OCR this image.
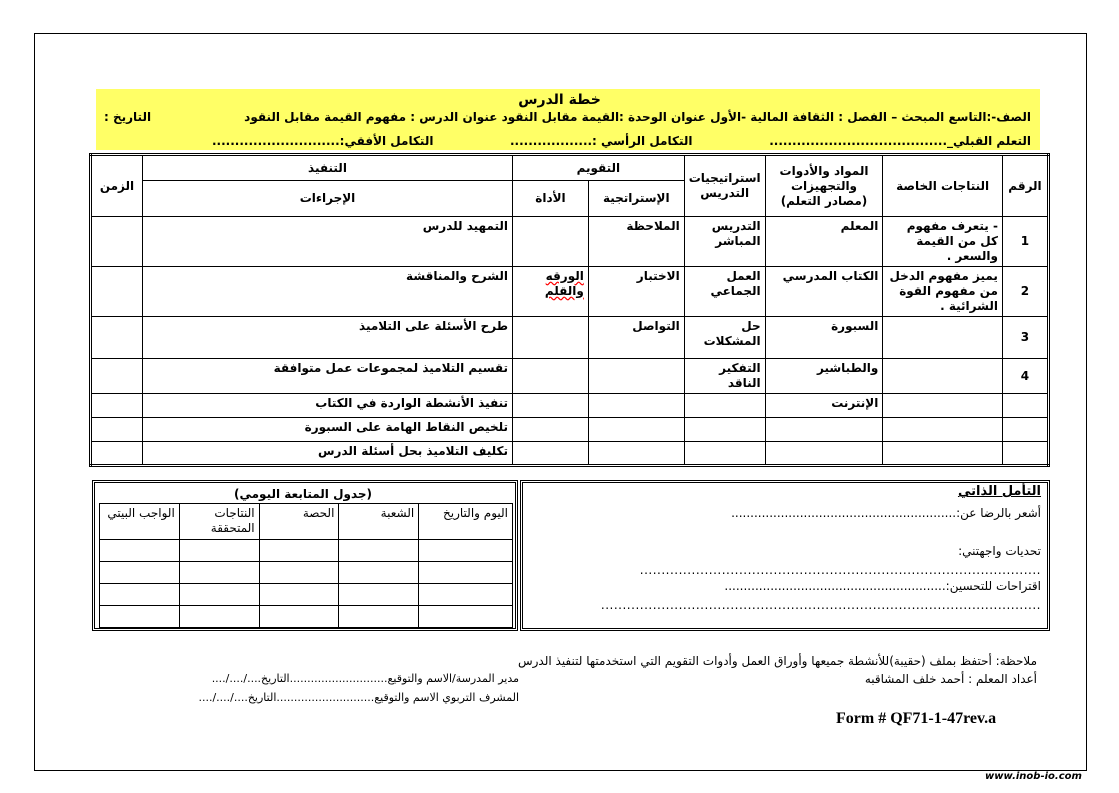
خطة الدرس
الصف-:التاسع المبحث – الفصل : الثقافة المالية -الأول عنوان الوحدة :القيمة مقابل النقود عنوان الدرس : مفهوم القيمة مقابل النقود
التاريخ :
التعلم القبلي_.......................................
التكامل الرأسي :..................
التكامل الأفقي:............................
الزمن	التنفيذ	التقويم		استراتيجيات التدريس	المواد والأدوات والتجهيزات (مصادر التعلم)	النتاجات الخاصة	الرقم
	الإجراءات	الأداة	الإستراتجية				
	التمهيد للدرس		الملاحظة	التدريس المباشر	المعلم	- يتعرف مفهوم كل من القيمة والسعر .	1
	الشرح والمناقشة	الورقه والقلم	الاختبار	العمل الجماعي	الكتاب المدرسي	يميز مفهوم الدخل من مفهوم القوة الشرائية .	2
	طرح الأسئلة على التلاميذ		التواصل	حل المشكلات	السبورة		3
	تقسيم التلاميذ لمجموعات عمل متوافقة			التفكير الناقد	والطباشير		4
	تنفيذ الأنشطة الواردة في الكتاب				الإنترنت		
	تلخيص النقاط الهامة على السبورة						
	تكليف التلاميذ بحل أسئلة الدرس						
(جدول المتابعة اليومي)
الواجب البيتي	النتاجات المتحققة	الحصة	الشعبة	اليوم والتاريخ

التأمل الذاتي
أشعر بالرضا عن:...........................................................
تحديات واجهتني:
.............................................................................................
اقتراحات للتحسين:..........................................................
......................................................................................................
ملاحظة: أحتفظ بملف (حقيبة)للأنشطة جميعها وأوراق العمل وأدوات التقويم التي استخدمتها لتنفيذ الدرس
أعداد المعلم : أحمد خلف المشاقبه
مدير المدرسة/الاسم والتوقيع............................التاريخ..../..../....
المشرف التربوي الاسم والتوقيع............................التاريخ..../..../....
Form # QF71-1-47rev.a
www.inob-io.com
